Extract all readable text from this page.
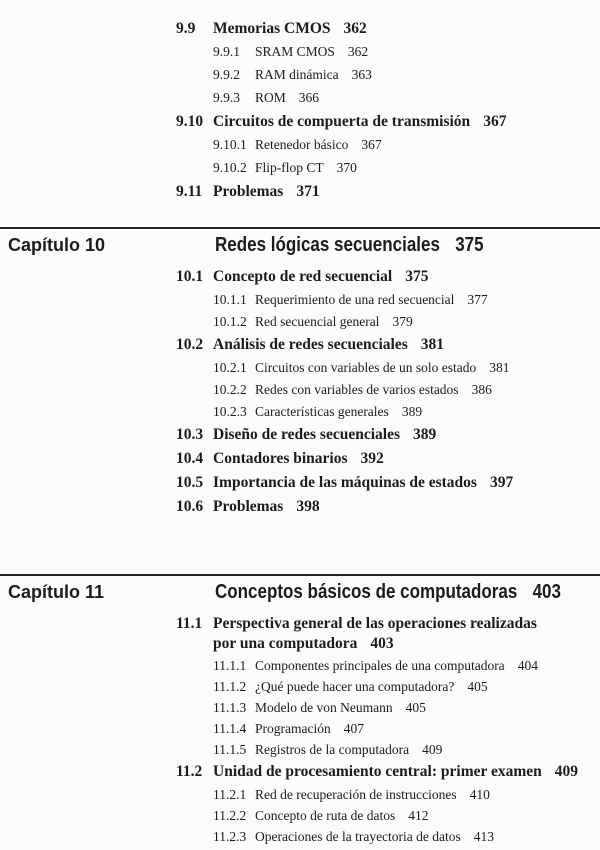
9.9	Memorias CMOS 362
9.9.1	SRAM CMOS 362
9.9.2	RAM dinámica 363
9.9.3	ROM 366
9.10 Circuitos de compuerta de transmisión 367
9.10.1 Retenedor básico 367
9.10.2 Flip-flop CT 370
9.11 Problemas 371
Capítulo 10	Redes lógicas secuenciales 375
10.1 Concepto de red secuencial 375
10.1.1 Requerimiento de una red secuencial 377
10.1.2 Red secuencial general 379
10.2 Análisis de redes secuenciales 381
10.2.1 Circuitos con variables de un solo estado 381
10.2.2 Redes con variables de varios estados 386
10.2.3 Características generales 389
10.3 Diseño de redes secuenciales 389
10.4 Contadores binarios 392
10.5 Importancia de las máquinas de estados 397
10.6 Problemas 398
Capítulo 11	Conceptos básicos de computadoras 403
11.1 Perspectiva general de las operaciones realizadas
por una computadora 403
11.1.1 Componentes principales de una computadora 404
11.1.2 ¿Qué puede hacer una computadora? 405
11.1.3 Modelo de von Neumann 405
11.1.4 Programación 407
11.1.5 Registros de la computadora 409
11.2 Unidad de procesamiento central: primer examen 409
11.2.1 Red de recuperación de instrucciones 410
11.2.2 Concepto de ruta de datos 412
11.2.3 Operaciones de la trayectoria de datos 413
